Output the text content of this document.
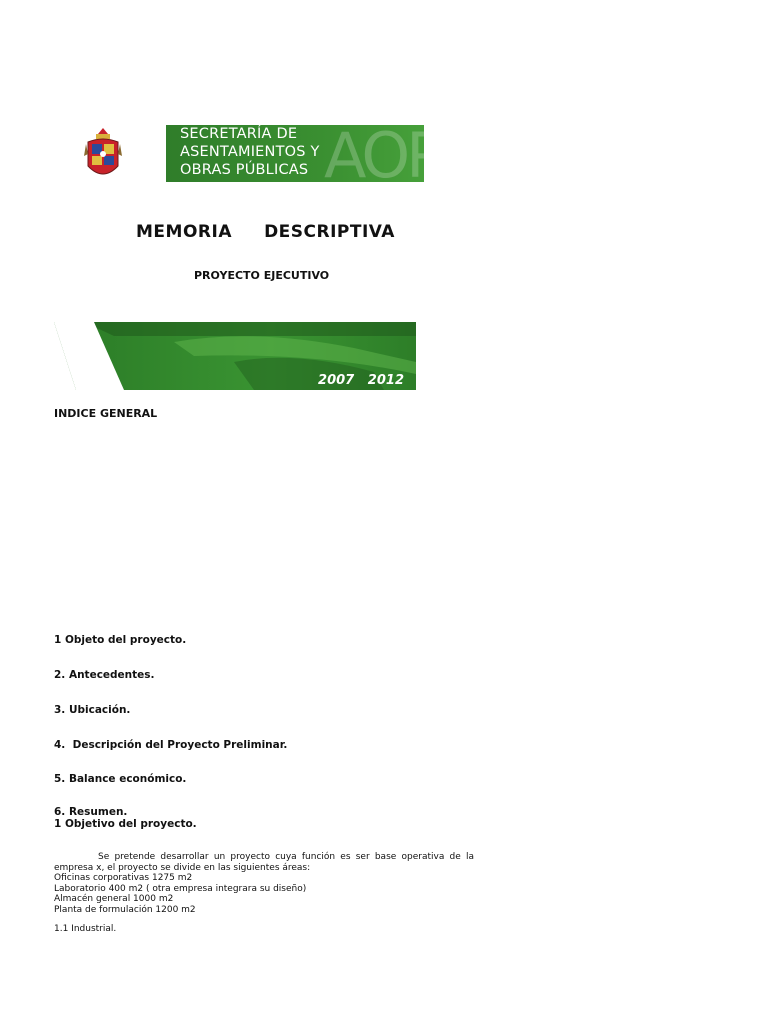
AOP
SECRETARÍA DE
ASENTAMIENTOS Y
OBRAS PÚBLICAS
MEMORIA     DESCRIPTIVA
PROYECTO EJECUTIVO
2007   2012
INDICE GENERAL
1 Objeto del proyecto.
2. Antecedentes.
3. Ubicación.
4.  Descripción del Proyecto Preliminar.
5. Balance económico.
6. Resumen.
1 Objetivo del proyecto.
Se pretende desarrollar un proyecto cuya función es ser base operativa de la empresa x, el proyecto se divide en las siguientes áreas:
Oficinas corporativas 1275 m2
Laboratorio 400 m2 ( otra empresa integrara su diseño)
Almacén general 1000 m2
Planta de formulación 1200 m2
1.1 Industrial.
